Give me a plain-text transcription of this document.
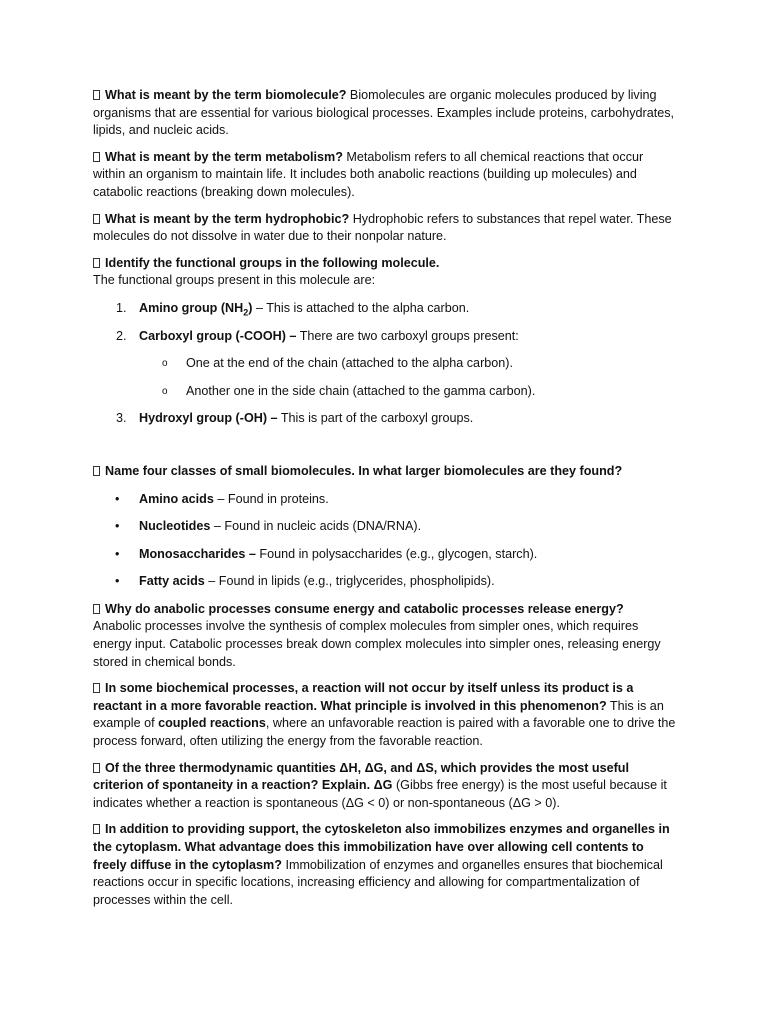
What is meant by the term biomolecule? Biomolecules are organic molecules produced by living organisms that are essential for various biological processes. Examples include proteins, carbohydrates, lipids, and nucleic acids.

What is meant by the term metabolism? Metabolism refers to all chemical reactions that occur within an organism to maintain life. It includes both anabolic reactions (building up molecules) and catabolic reactions (breaking down molecules).

What is meant by the term hydrophobic? Hydrophobic refers to substances that repel water. These molecules do not dissolve in water due to their nonpolar nature.

Identify the functional groups in the following molecule.
The functional groups present in this molecule are:
1. Amino group $(NH_2)$ – This is attached to the alpha carbon.
2. Carboxyl group (-COOH) – There are two carboxyl groups present:
o One at the end of the chain (attached to the alpha carbon).
o Another one in the side chain (attached to the gamma carbon).
3. Hydroxyl group (-OH) – This is part of the carboxyl groups.
Name four classes of small biomolecules. In what larger biomolecules are they found?
• Amino acids – Found in proteins.
• Nucleotides – Found in nucleic acids (DNA/RNA).
• Monosaccharides – Found in polysaccharides (e.g., glycogen, starch).
• Fatty acids – Found in lipids (e.g., triglycerides, phospholipids).

Why do anabolic processes consume energy and catabolic processes release energy?
Anabolic processes involve the synthesis of complex molecules from simpler ones, which requires energy input. Catabolic processes break down complex molecules into simpler ones, releasing energy stored in chemical bonds.

In some biochemical processes, a reaction will not occur by itself unless its product is a reactant in a more favorable reaction. What principle is involved in this phenomenon? This is an example of coupled reactions, where an unfavorable reaction is paired with a favorable one to drive the process forward, often utilizing the energy from the favorable reaction.

Of the three thermodynamic quantities ΔH, ΔG, and ΔS, which provides the most useful criterion of spontaneity in a reaction? Explain. ΔG (Gibbs free energy) is the most useful because it indicates whether a reaction is spontaneous (ΔG < 0) or non-spontaneous (ΔG > 0).

In addition to providing support, the cytoskeleton also immobilizes enzymes and organelles in the cytoplasm. What advantage does this immobilization have over allowing cell contents to freely diffuse in the cytoplasm? Immobilization of enzymes and organelles ensures that biochemical reactions occur in specific locations, increasing efficiency and allowing for compartmentalization of processes within the cell.
